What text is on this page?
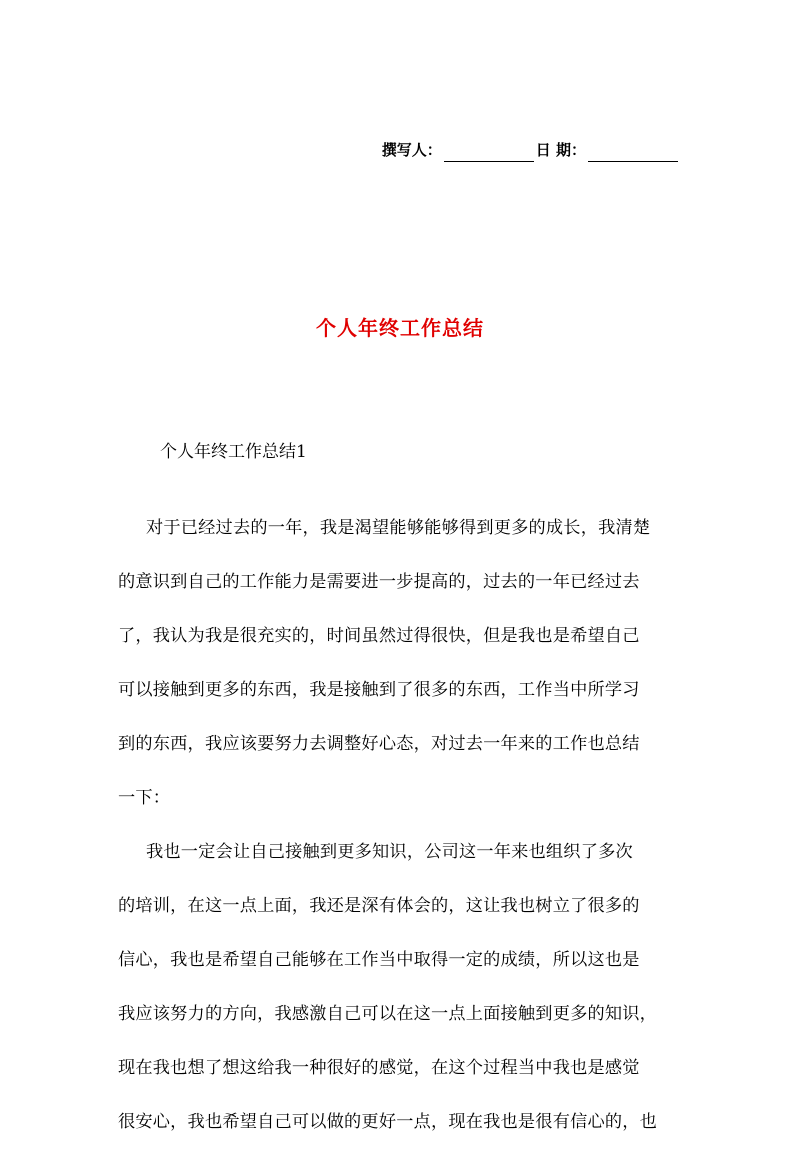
撰写人：	日 期：
个人年终工作总结
个人年终工作总结1
对于已经过去的一年，我是渴望能够能够得到更多的成长，我清楚
的意识到自己的工作能力是需要进一步提高的，过去的一年已经过去
了，我认为我是很充实的，时间虽然过得很快，但是我也是希望自己
可以接触到更多的东西，我是接触到了很多的东西，工作当中所学习
到的东西，我应该要努力去调整好心态，对过去一年来的工作也总结
一下：
我也一定会让自己接触到更多知识，公司这一年来也组织了多次
的培训，在这一点上面，我还是深有体会的，这让我也树立了很多的
信心，我也是希望自己能够在工作当中取得一定的成绩，所以这也是
我应该努力的方向，我感激自己可以在这一点上面接触到更多的知识，
现在我也想了想这给我一种很好的感觉，在这个过程当中我也是感觉
很安心，我也希望自己可以做的更好一点，现在我也是很有信心的，也
